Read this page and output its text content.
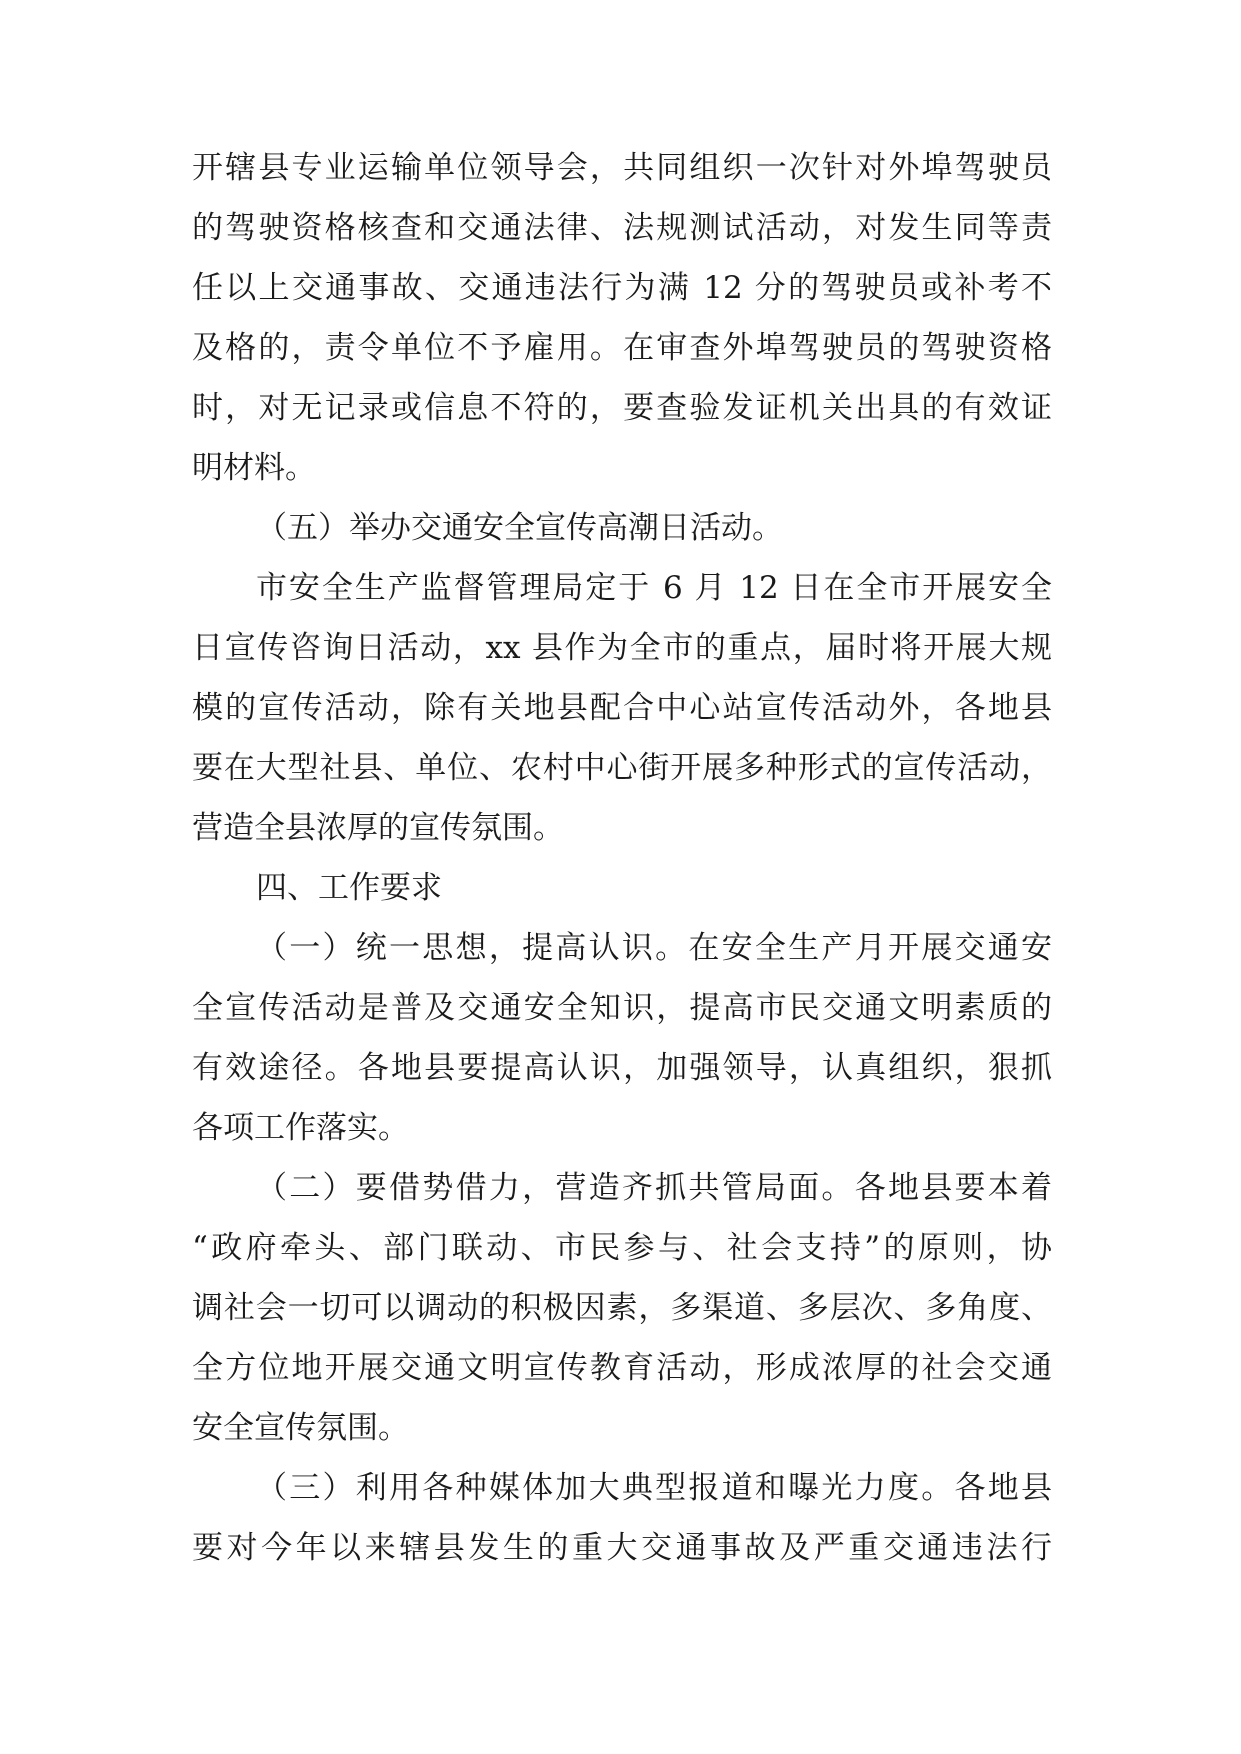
开辖县专业运输单位领导会，共同组织一次针对外埠驾驶员
的驾驶资格核查和交通法律、法规测试活动，对发生同等责
任以上交通事故、交通违法行为满 12 分的驾驶员或补考不
及格的，责令单位不予雇用。在审查外埠驾驶员的驾驶资格
时，对无记录或信息不符的，要查验发证机关出具的有效证
明材料。
（五）举办交通安全宣传高潮日活动。
市安全生产监督管理局定于 6 月 12 日在全市开展安全
日宣传咨询日活动，xx 县作为全市的重点，届时将开展大规
模的宣传活动，除有关地县配合中心站宣传活动外，各地县
要在大型社县、单位、农村中心街开展多种形式的宣传活动，
营造全县浓厚的宣传氛围。
四、工作要求
（一）统一思想，提高认识。在安全生产月开展交通安
全宣传活动是普及交通安全知识，提高市民交通文明素质的
有效途径。各地县要提高认识，加强领导，认真组织，狠抓
各项工作落实。
（二）要借势借力，营造齐抓共管局面。各地县要本着
“政府牵头、部门联动、市民参与、社会支持”的原则，协
调社会一切可以调动的积极因素，多渠道、多层次、多角度、
全方位地开展交通文明宣传教育活动，形成浓厚的社会交通
安全宣传氛围。
（三）利用各种媒体加大典型报道和曝光力度。各地县
要对今年以来辖县发生的重大交通事故及严重交通违法行
